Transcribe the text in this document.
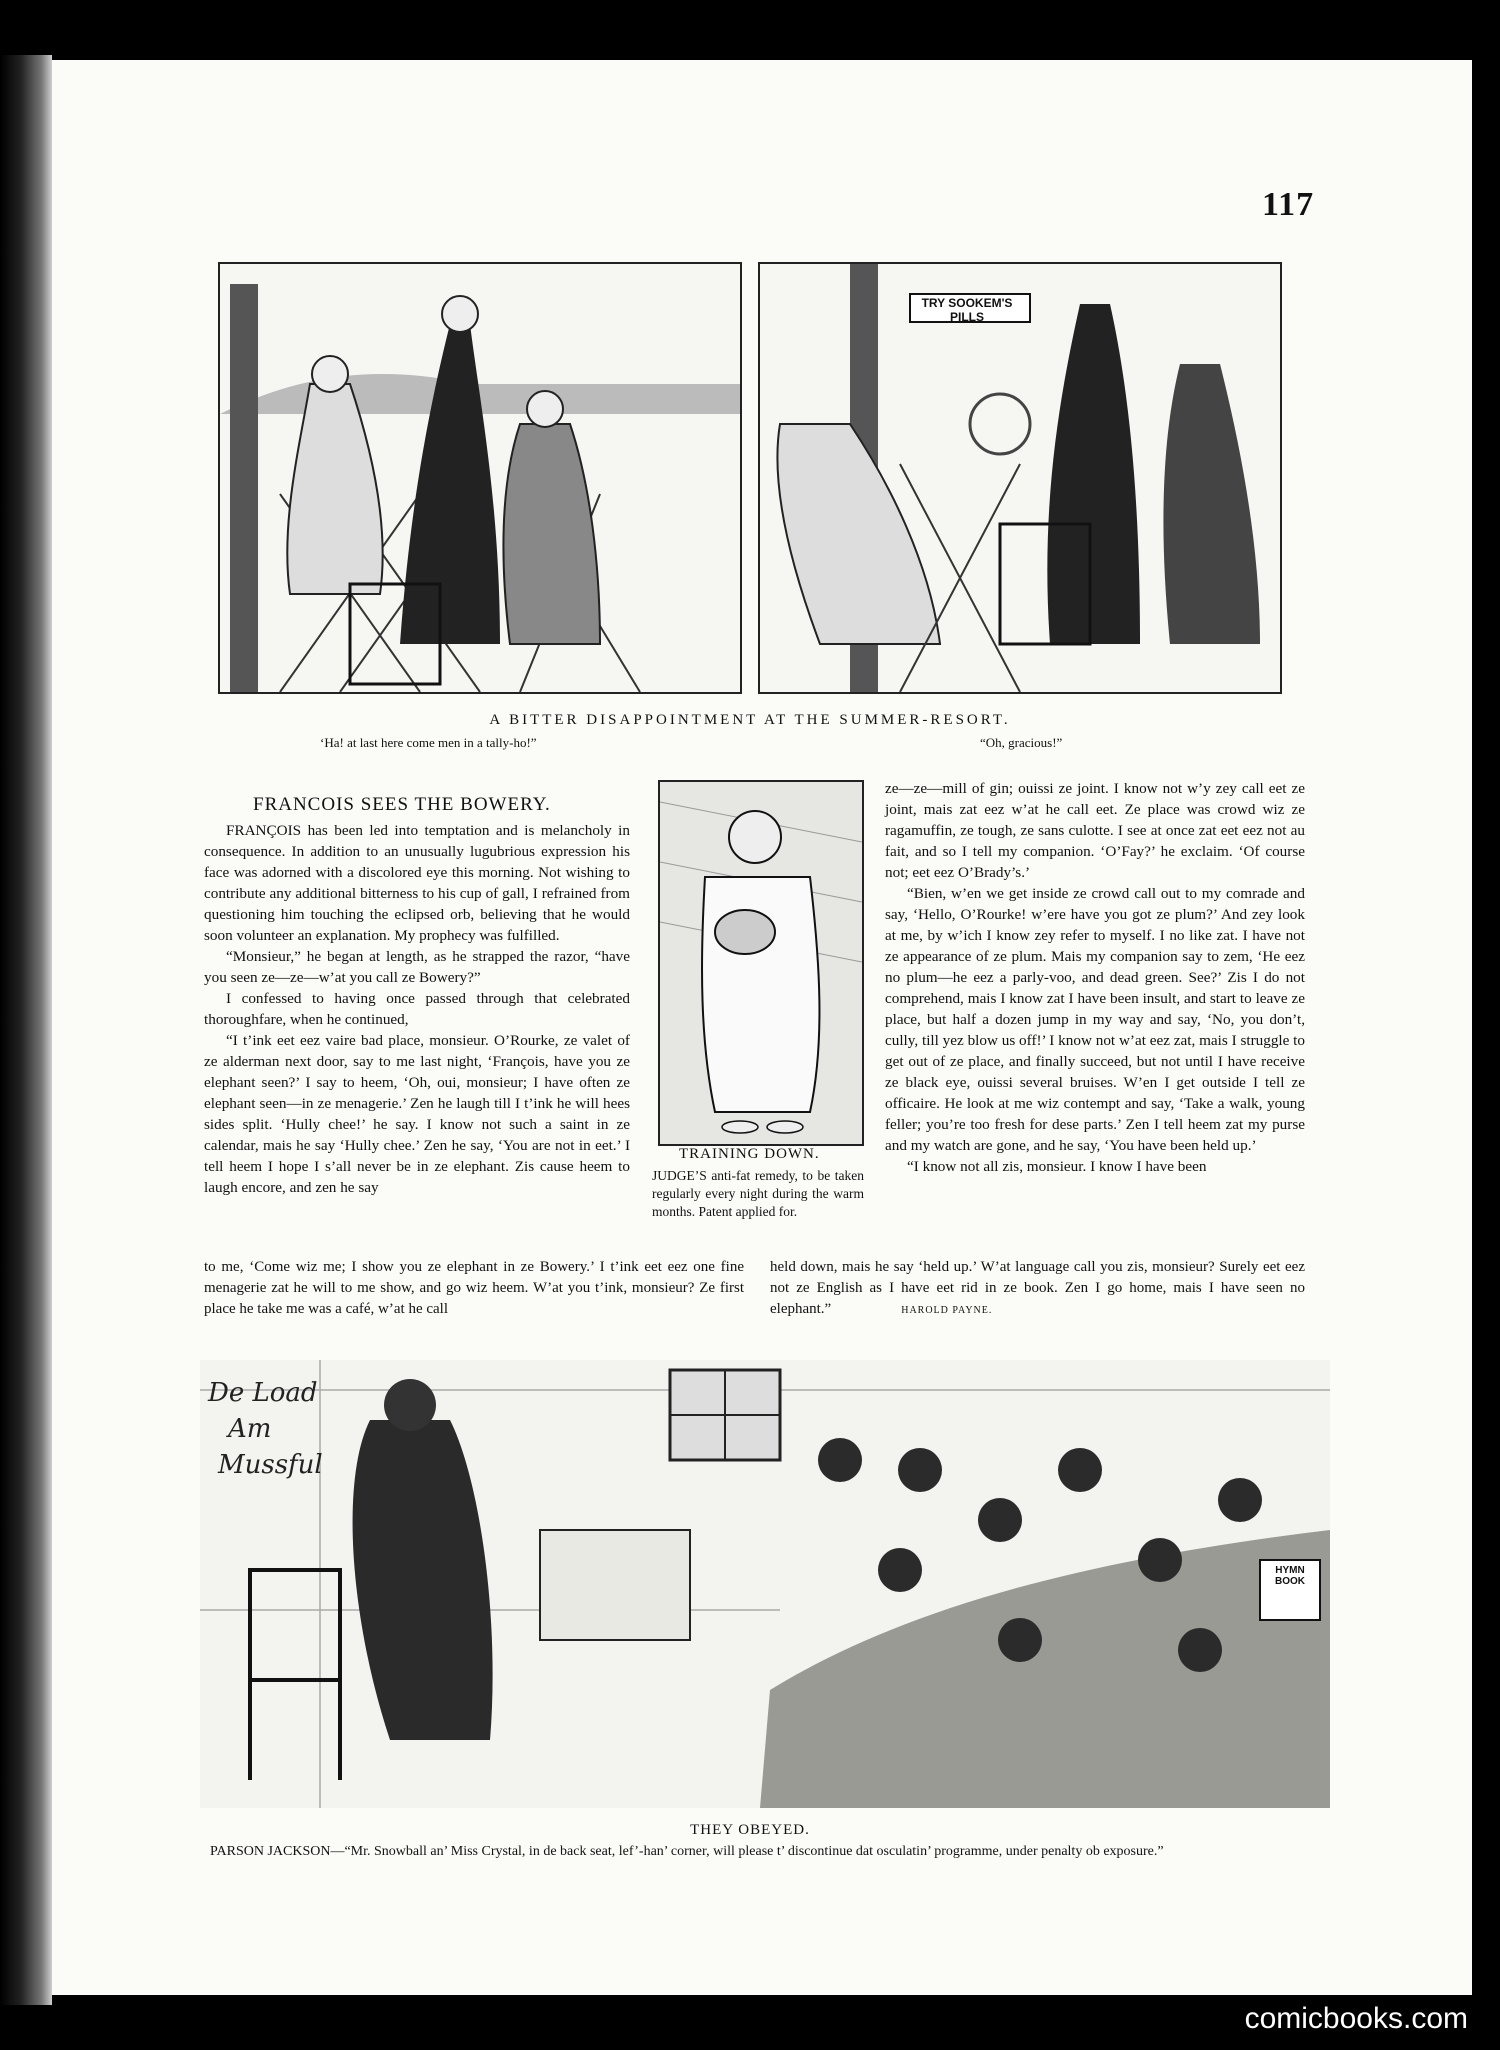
117
TRY SOOKEM'S PILLS
A BITTER DISAPPOINTMENT AT THE SUMMER-RESORT.
‘Ha! at last here come men in a tally-ho!”	“Oh, gracious!”
FRANCOIS SEES THE BOWERY.

FRANÇOIS has been led into temptation and is melancholy in consequence. In addition to an unusually lugubrious expression his face was adorned with a discolored eye this morning. Not wishing to contribute any additional bitterness to his cup of gall, I refrained from questioning him touching the eclipsed orb, believing that he would soon volunteer an explanation. My prophecy was fulfilled.

“Monsieur,” he began at length, as he strapped the razor, “have you seen ze—ze—w’at you call ze Bowery?”

I confessed to having once passed through that celebrated thoroughfare, when he continued,

“I t’ink eet eez vaire bad place, monsieur. O’Rourke, ze valet of ze alderman next door, say to me last night, ‘François, have you ze elephant seen?’ I say to heem, ‘Oh, oui, monsieur; I have often ze elephant seen—in ze menagerie.’ Zen he laugh till I t’ink he will hees sides split. ‘Hully chee!’ he say. I know not such a saint in ze calendar, mais he say ‘Hully chee.’ Zen he say, ‘You are not in eet.’ I tell heem I hope I s’all never be in ze elephant. Zis cause heem to laugh encore, and zen he say

TRAINING DOWN.
JUDGE’S anti-fat remedy, to be taken regularly every night during the warm months. Patent applied for.

ze—ze—mill of gin; ouissi ze joint. I know not w’y zey call eet ze joint, mais zat eez w’at he call eet. Ze place was crowd wiz ze ragamuffin, ze tough, ze sans culotte. I see at once zat eet eez not au fait, and so I tell my companion. ‘O’Fay?’ he exclaim. ‘Of course not; eet eez O’Brady’s.’

“Bien, w’en we get inside ze crowd call out to my comrade and say, ‘Hello, O’Rourke! w’ere have you got ze plum?’ And zey look at me, by w’ich I know zey refer to myself. I no like zat. I have not ze appearance of ze plum. Mais my companion say to zem, ‘He eez no plum—he eez a parly-voo, and dead green. See?’ Zis I do not comprehend, mais I know zat I have been insult, and start to leave ze place, but half a dozen jump in my way and say, ‘No, you don’t, cully, till yez blow us off!’ I know not w’at eez zat, mais I struggle to get out of ze place, and finally succeed, but not until I have receive ze black eye, ouissi several bruises. W’en I get outside I tell ze officaire. He look at me wiz contempt and say, ‘Take a walk, young feller; you’re too fresh for dese parts.’ Zen I tell heem zat my purse and my watch are gone, and he say, ‘You have been held up.’

“I know not all zis, monsieur. I know I have been

to me, ‘Come wiz me; I show you ze elephant in ze Bowery.’ I t’ink eet eez one fine menagerie zat he will to me show, and go wiz heem. W’at you t’ink, monsieur? Ze first place he take me was a café, w’at he call
held down, mais he say ‘held up.’ W’at language call you zis, monsieur? Surely eet eez not ze English as I have eet rid in ze book. Zen I go home, mais I have seen no elephant.”	HAROLD PAYNE.
De Load
Am
Mussful
HYMN BOOK
THEY OBEYED.
PARSON JACKSON—“Mr. Snowball an’ Miss Crystal, in de back seat, lef’-han’ corner, will please t’ discontinue dat osculatin’ programme, under penalty ob exposure.”
comicbooks.com
